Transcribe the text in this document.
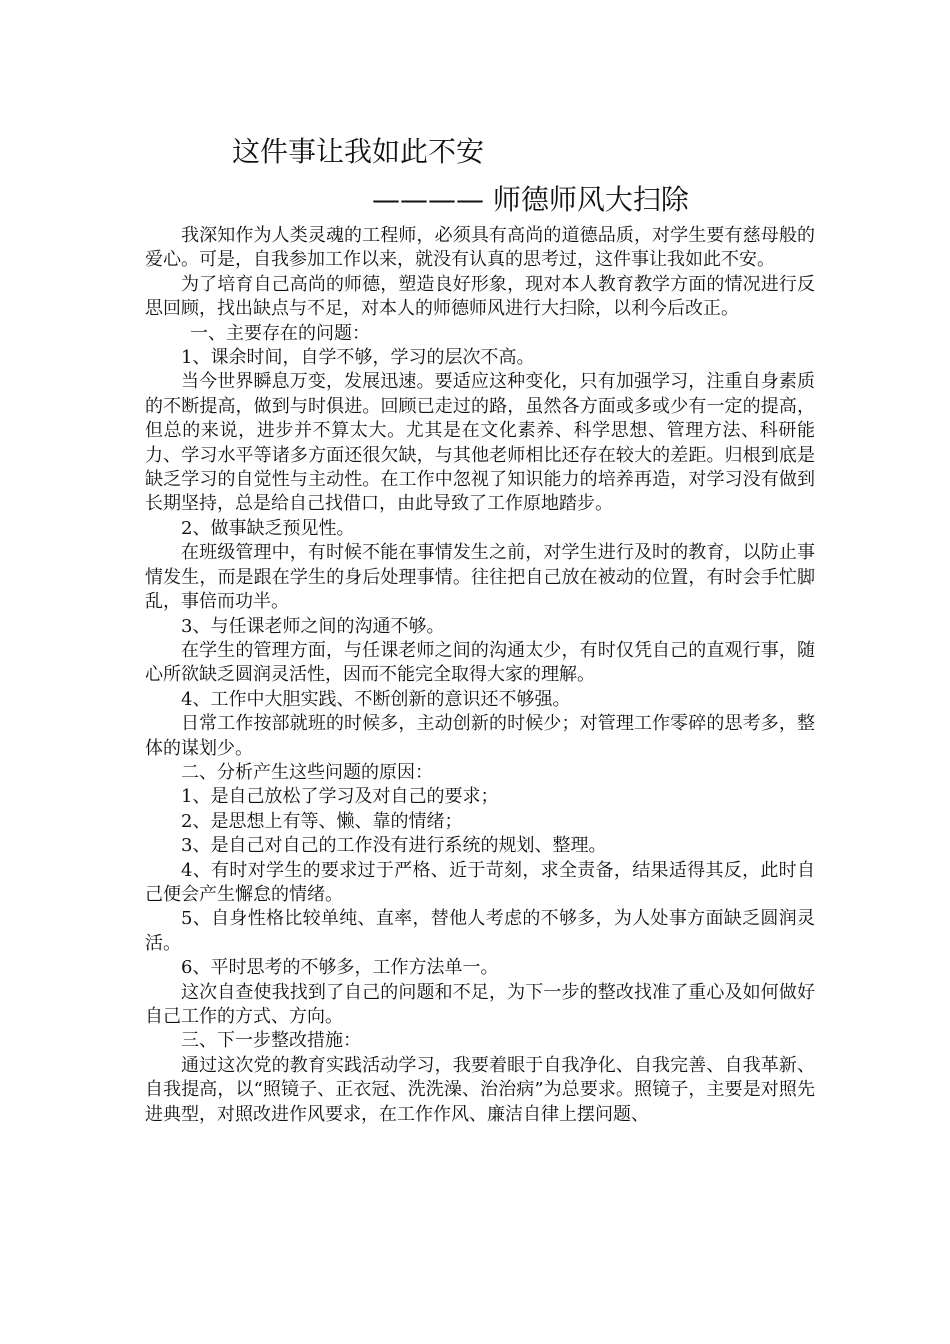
这件事让我如此不安
———— 师德师风大扫除

我深知作为人类灵魂的工程师，必须具有高尚的道德品质，对学生要有慈母般的爱心。可是，自我参加工作以来，就没有认真的思考过，这件事让我如此不安。

为了培育自己高尚的师德，塑造良好形象，现对本人教育教学方面的情况进行反思回顾，找出缺点与不足，对本人的师德师风进行大扫除，以利今后改正。

一、主要存在的问题：

1、课余时间，自学不够，学习的层次不高。

当今世界瞬息万变，发展迅速。要适应这种变化，只有加强学习，注重自身素质的不断提高，做到与时俱进。回顾已走过的路，虽然各方面或多或少有一定的提高，但总的来说，进步并不算太大。尤其是在文化素养、科学思想、管理方法、科研能力、学习水平等诸多方面还很欠缺，与其他老师相比还存在较大的差距。归根到底是缺乏学习的自觉性与主动性。在工作中忽视了知识能力的培养再造，对学习没有做到长期坚持，总是给自己找借口，由此导致了工作原地踏步。

2、做事缺乏预见性。

在班级管理中，有时候不能在事情发生之前，对学生进行及时的教育，以防止事情发生，而是跟在学生的身后处理事情。往往把自己放在被动的位置，有时会手忙脚乱，事倍而功半。

3、与任课老师之间的沟通不够。

在学生的管理方面，与任课老师之间的沟通太少，有时仅凭自己的直观行事，随心所欲缺乏圆润灵活性，因而不能完全取得大家的理解。

4、工作中大胆实践、不断创新的意识还不够强。

日常工作按部就班的时候多，主动创新的时候少；对管理工作零碎的思考多，整体的谋划少。

二、分析产生这些问题的原因：

1、是自己放松了学习及对自己的要求；

2、是思想上有等、懒、靠的情绪；

3、是自己对自己的工作没有进行系统的规划、整理。

4、有时对学生的要求过于严格、近于苛刻，求全责备，结果适得其反，此时自己便会产生懈怠的情绪。

5、自身性格比较单纯、直率，替他人考虑的不够多，为人处事方面缺乏圆润灵活。

6、平时思考的不够多，工作方法单一。

这次自查使我找到了自己的问题和不足，为下一步的整改找准了重心及如何做好自己工作的方式、方向。

三、下一步整改措施：

通过这次党的教育实践活动学习，我要着眼于自我净化、自我完善、自我革新、自我提高，以“照镜子、正衣冠、洗洗澡、治治病”为总要求。照镜子，主要是对照先进典型，对照改进作风要求，在工作作风、廉洁自律上摆问题、
